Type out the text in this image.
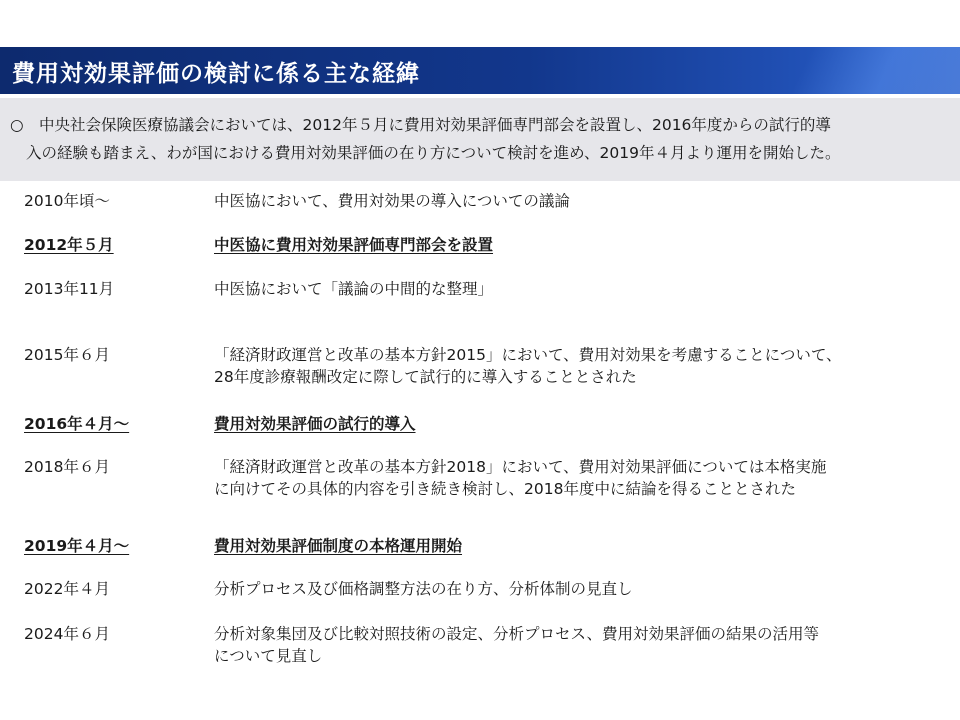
費用対効果評価の検討に係る主な経緯
○　中央社会保険医療協議会においては、2012年５月に費用対効果評価専門部会を設置し、2016年度からの試行的導
入の経験も踏まえ、わが国における費用対効果評価の在り方について検討を進め、2019年４月より運用を開始した。
2010年頃～	中医協において、費用対効果の導入についての議論
2012年５月	中医協に費用対効果評価専門部会を設置
2013年11月	中医協において「議論の中間的な整理」
2015年６月	「経済財政運営と改革の基本方針2015」において、費用対効果を考慮することについて、
28年度診療報酬改定に際して試行的に導入することとされた
2016年４月～	費用対効果評価の試行的導入
2018年６月	「経済財政運営と改革の基本方針2018」において、費用対効果評価については本格実施
に向けてその具体的内容を引き続き検討し、2018年度中に結論を得ることとされた
2019年４月～	費用対効果評価制度の本格運用開始
2022年４月	分析プロセス及び価格調整方法の在り方、分析体制の見直し
2024年６月	分析対象集団及び比較対照技術の設定、分析プロセス、費用対効果評価の結果の活用等
について見直し
